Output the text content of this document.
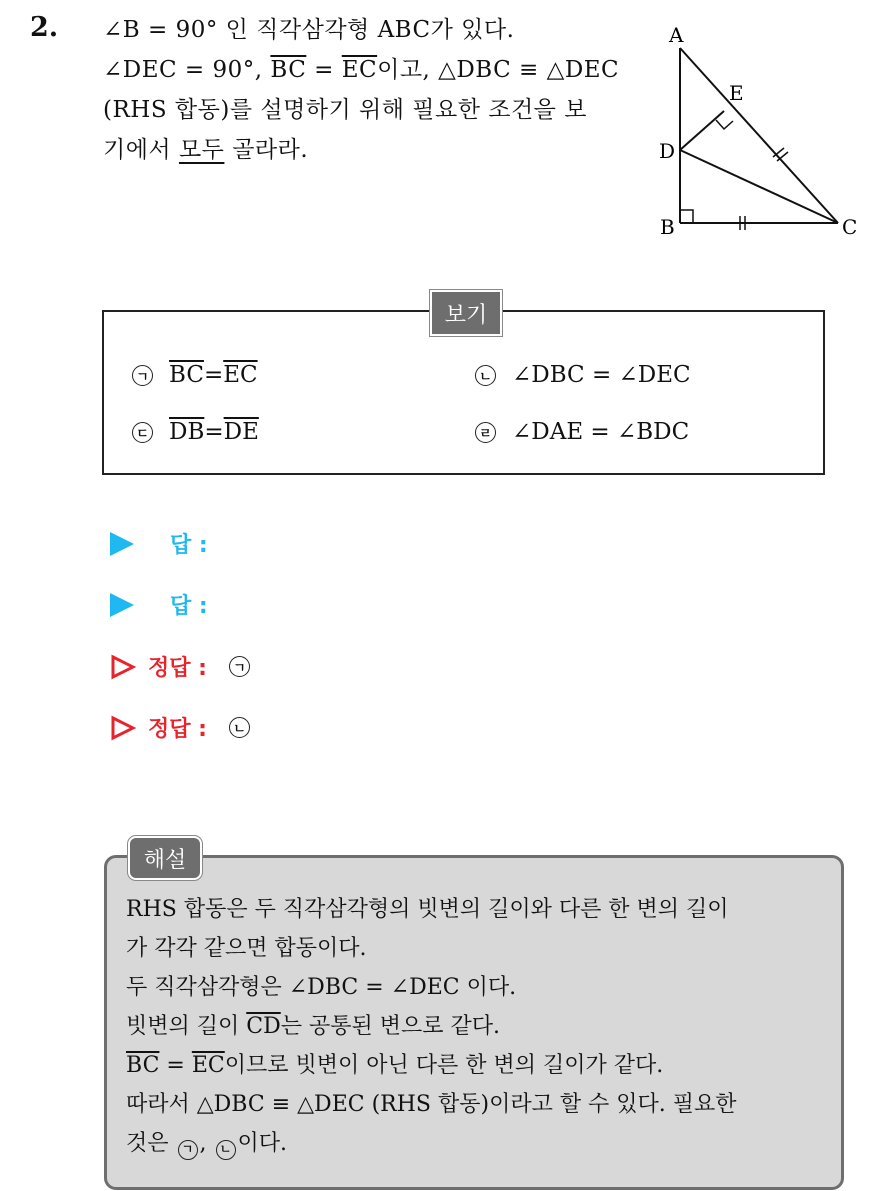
2. ∠B = 90° 인 직각삼각형 ABC가 있다.
∠DEC = 90°, $\overline{BC} = \overline{EC}$이고, △DBC ≡ △DEC
(RHS 합동)를 설명하기 위해 필요한 조건을 보
기에서 모두 골라라.
A
B	C
D
E
보기
ㄱ $\overline{BC} = \overline{EC}$	ㄴ ∠DBC = ∠DEC
ㄷ $\overline{DB} = \overline{DE}$	ㄹ ∠DAE = ∠BDC
답 :
답 :
정답 :	ㄱ
정답 :	ㄴ
해설
RHS 합동은 두 직각삼각형의 빗변의 길이와 다른 한 변의 길이
가 각각 같으면 합동이다.
두 직각삼각형은 ∠DBC = ∠DEC 이다.
빗변의 길이 $\overline{CD}$는 공통된 변으로 같다.
$\overline{BC} = \overline{EC}$이므로 빗변이 아닌 다른 한 변의 길이가 같다.
따라서 △DBC ≡ △DEC (RHS 합동)이라고 할 수 있다. 필요한
것은 ㄱ , ㄴ 이다.
